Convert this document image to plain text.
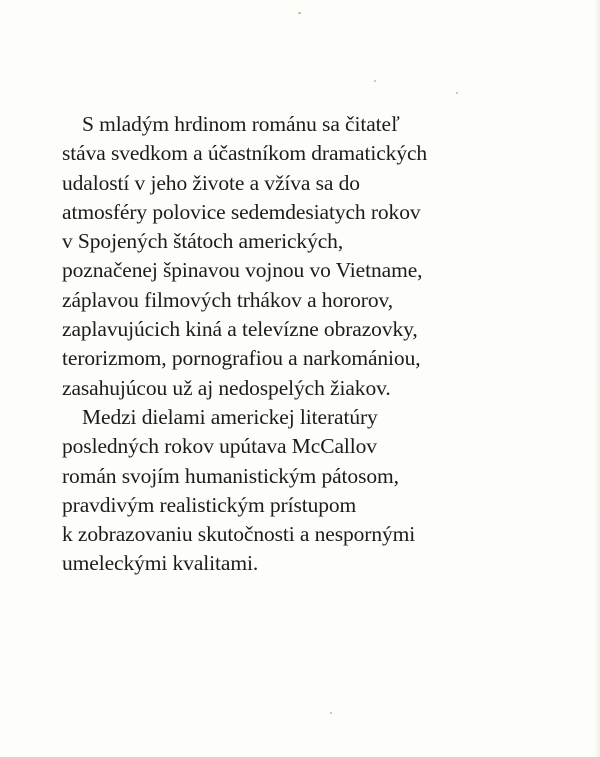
S mladým hrdinom románu sa čitateľ
stáva svedkom a účastníkom dramatických
udalostí v jeho živote a vžíva sa do
atmosféry polovice sedemdesiatych rokov
v Spojených štátoch amerických,
poznačenej špinavou vojnou vo Vietname,
záplavou filmových trhákov a hororov,
zaplavujúcich kiná a televízne obrazovky,
terorizmom, pornografiou a narkomániou,
zasahujúcou už aj nedospelých žiakov.
Medzi dielami americkej literatúry
posledných rokov upútava McCallov
román svojím humanistickým pátosom,
pravdivým realistickým prístupom
k zobrazovaniu skutočnosti a nespornými
umeleckými kvalitami.
